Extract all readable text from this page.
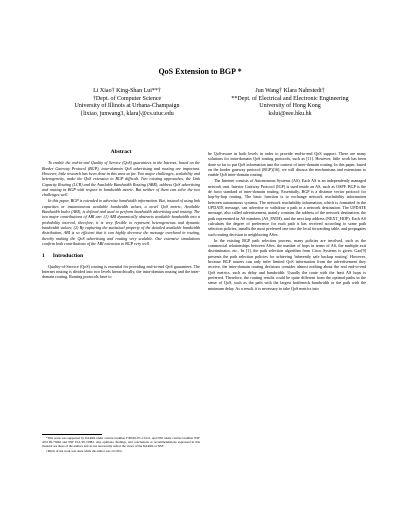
QoS Extension to BGP *
Li Xiao† King-Shan Lui**†
†Dept. of Computer Science
University of Illinois at Urbana-Champaign
{lixiao, junwang3, klara}@cs.uiuc.edu
Jun Wang† Klara Nahrstedt†
**Dept. of Electrical and Electronic Engineering
University of Hong Kong
kslui@eee.hku.hk
Abstract

To enable the end-to-end Quality of Service (QoS) guarantees in the Internet, based on the Border Gateway Protocol (BGP), inter-domain QoS advertising and routing are important. However, little research has been done in this area so far. Two major challenges, scalability and heterogeneity, make the QoS extension to BGP difficult. Two existing approaches, the Link Capacity Routing (LCR) and the Available Bandwidth Routing (ABR), address QoS advertising and routing in BGP with respect to bandwidth metric. But neither of them can solve the two challenges well.

In this paper, BGP is extended to advertise bandwidth information. But, instead of using link capacities or instantaneous available bandwidth values, a novel QoS metric, Available Bandwidth Index (ABI), is defined and used to perform bandwidth advertising and routing. The two major contributions of ABI are: (1) ABI dynamically abstracts available bandwidth into a probability interval, therefore, it is very flexible to represent heterogeneous and dynamic bandwidth values; (2) By capturing the statistical property of the detailed available bandwidth distribution, ABI is so efficient that it can highly decrease the message overhead in routing, thereby making the QoS advertising and routing very scalable. Our extensive simulations confirm both contributions of the ABI extension to BGP very well.

1 Introduction

Quality-of-Service (QoS) routing is essential for providing end-to-end QoS guarantees. The Internet routing is divided into two levels hierarchically, the intra-domain routing and the inter-domain routing. Routing protocols have to

*This work was supported by DARPA under contract number F30602-97-2-0121, and NSF under contract number NSF ANI 99-73862 and NSF EIA 99-72884. Any opinions, findings, and conclusions or recommendations expressed in this material are those of the authors and do not necessarily reflect the views of the DARPA or NSF.

†Much of the work was done while the author was at UIUC.

be QoS-aware in both levels in order to provide end-to-end QoS support. There are many solutions for intra-domain QoS routing protocols, such as [11]. However, little work has been done so far to put QoS information into the context of inter-domain routing. In this paper, based on the border gateway protocol (BGP)[16], we will discuss the mechanisms and extensions to enable QoS inter-domain routing.

The Internet consists of Autonomous Systems (AS). Each AS is an independently managed network unit. Interior Gateway Protocol (IGP) is used inside an AS, such as OSPF. BGP is the de facto standard of inter-domain routing. Essentially, BGP is a distance vector protocol for hop-by-hop routing. The basic function is to exchange network reachability information between autonomous systems. The network reachability information, which is formatted in the UPDATE message, can advertise or withdraw a path to a network destination. The UPDATE message, also called advertisement, mainly contains the address of the network destination, the path represented in AS numbers (AS_PATH), and the next hop address (NEXT_HOP). Each AS calculates the degree of preference for each path it has received according to some path selection policies, installs the most preferred one into the local forwarding table, and propagates such routing decision to neighboring ASes.

In the existing BGP path selection process, many policies are involved, such as the commercial relationships between ASes, the number of hops in terms of AS, the multiple exit discriminator, etc.. In [1], the path selection algorithm from Cisco Systems is given. Gao[9] presents the path selection policies for achieving 'inherently safe backup routing'. However, because BGP routers can only infer limited QoS information from the advertisement they receive, the inter-domain routing decisions consider almost nothing about the real end-to-end QoS metrics, such as delay and bandwidth. Usually the route with the least AS hops is preferred. Therefore, the routing results could be quite different from the optimal paths in the sense of QoS, such as the path with the largest bottleneck bandwidth or the path with the minimum delay. As a result, it is necessary to take QoS metrics into
